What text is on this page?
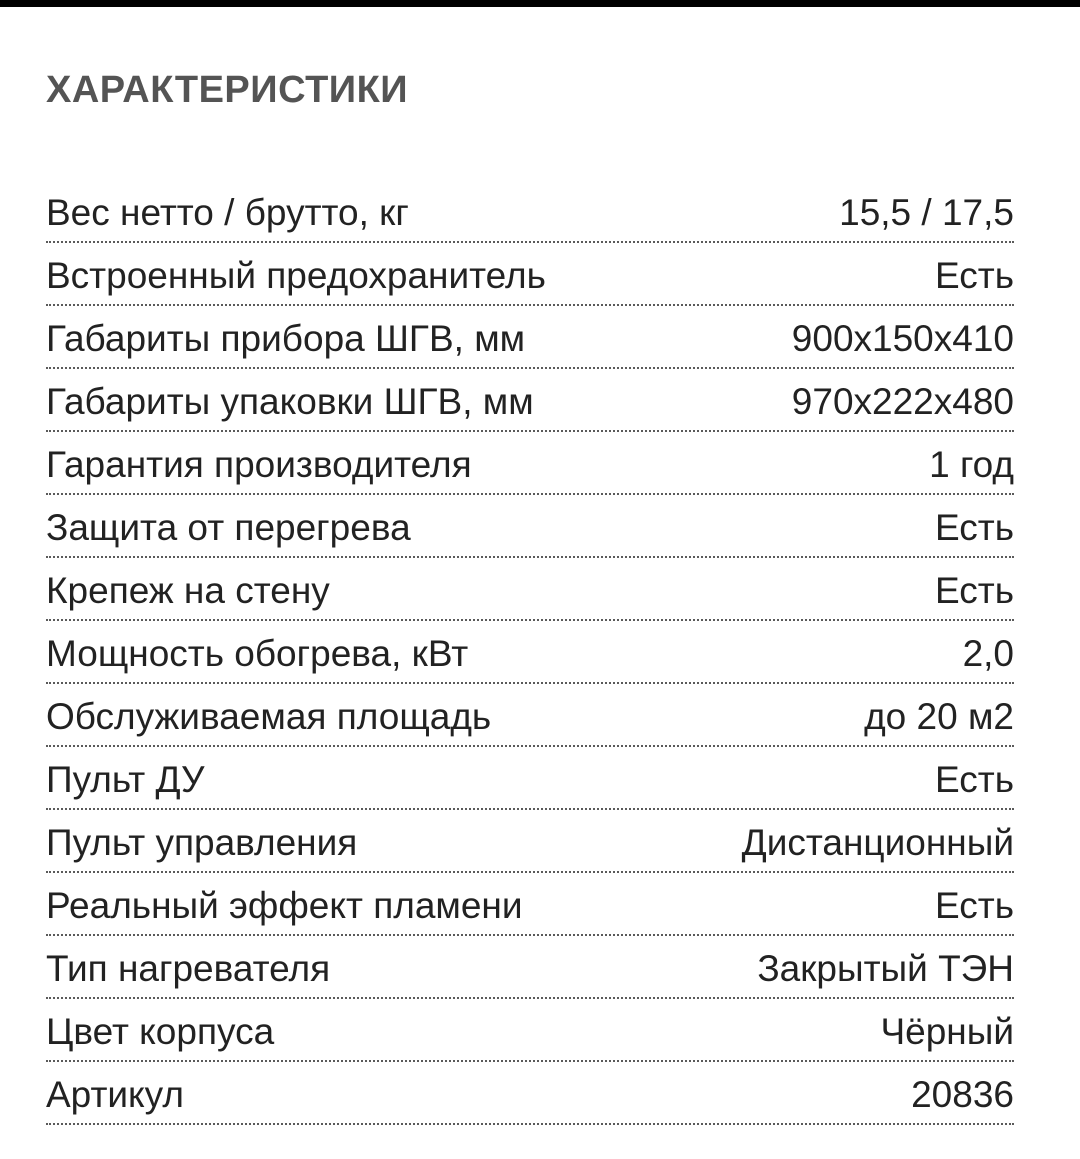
ХАРАКТЕРИСТИКИ
Вес нетто / брутто, кг	15,5 / 17,5
Встроенный предохранитель	Есть
Габариты прибора ШГВ, мм	900x150x410
Габариты упаковки ШГВ, мм	970x222x480
Гарантия производителя	1 год
Защита от перегрева	Есть
Крепеж на стену	Есть
Мощность обогрева, кВт	2,0
Обслуживаемая площадь	до 20 м2
Пульт ДУ	Есть
Пульт управления	Дистанционный
Реальный эффект пламени	Есть
Тип нагревателя	Закрытый ТЭН
Цвет корпуса	Чёрный
Артикул	20836
